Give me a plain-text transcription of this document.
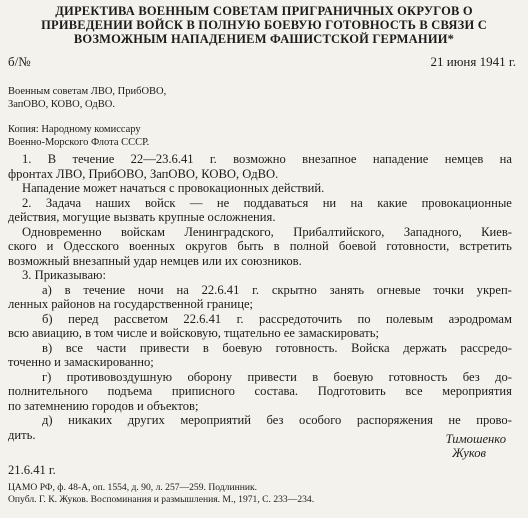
ДИРЕКТИВА ВОЕННЫМ СОВЕТАМ ПРИГРАНИЧНЫХ ОКРУГОВ О
ПРИВЕДЕНИИ ВОЙСК В ПОЛНУЮ БОЕВУЮ ГОТОВНОСТЬ В СВЯЗИ С
ВОЗМОЖНЫМ НАПАДЕНИЕМ ФАШИСТСКОЙ ГЕРМАНИИ*
б/№	21 июня 1941 г.
Военным советам ЛВО, ПрибОВО,
ЗапОВО, КОВО, ОдВО.
Копия: Народному комиссару
Военно-Морского Флота СССР.
1. В течение 22—23.6.41 г. возможно внезапное нападение немцев на
фронтах ЛВО, ПрибОВО, ЗапОВО, КОВО, ОдВО.
Нападение может начаться с провокационных действий.
2. Задача наших войск — не поддаваться ни на какие провокационные
действия, могущие вызвать крупные осложнения.
Одновременно войскам Ленинградского, Прибалтийского, Западного, Киев-
ского и Одесского военных округов быть в полной боевой готовности, встретить
возможный внезапный удар немцев или их союзников.
3. Приказываю:
а) в течение ночи на 22.6.41 г. скрытно занять огневые точки укреп-
ленных районов на государственной границе;
б) перед рассветом 22.6.41 г. рассредоточить по полевым аэродромам
всю авиацию, в том числе и войсковую, тщательно ее замаскировать;
в) все части привести в боевую готовность. Войска держать рассредо-
точенно и замаскированно;
г) противовоздушную оборону привести в боевую готовность без до-
полнительного подъема приписного состава. Подготовить все мероприятия
по затемнению городов и объектов;
д) никаких других мероприятий без особого распоряжения не прово-
дить.	Тимошенко
Жуков
21.6.41 г.
ЦАМО РФ, ф. 48-А, оп. 1554, д. 90, л. 257—259. Подлинник.
Опубл. Г. К. Жуков. Воспоминания и размышления. М., 1971, С. 233—234.
